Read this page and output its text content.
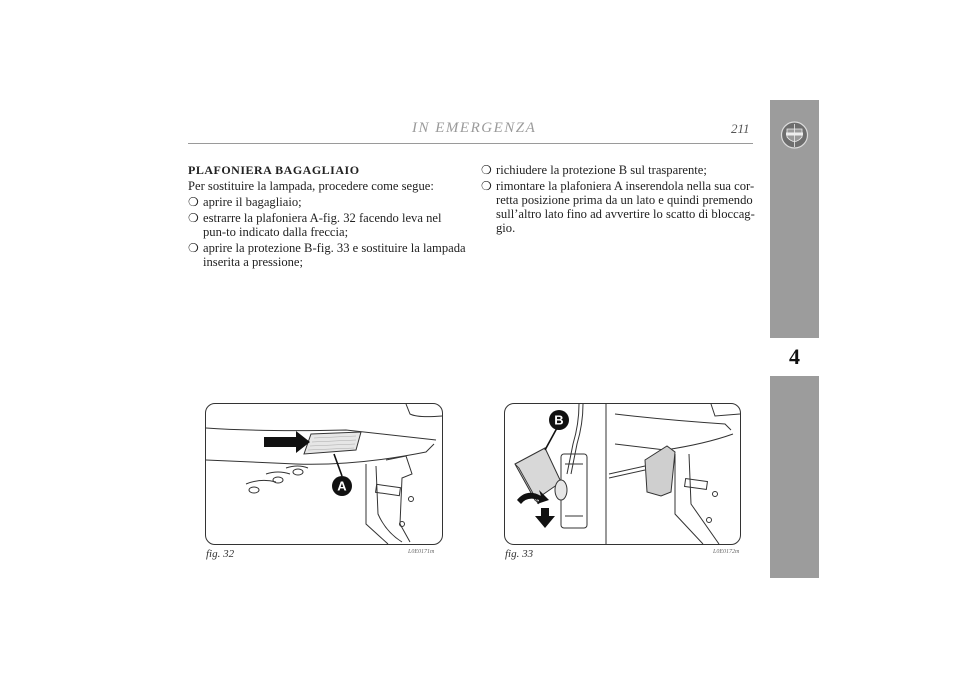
IN EMERGENZA	211
4
PLAFONIERA BAGAGLIAIO
Per sostituire la lampada, procedere come segue:
❍ aprire il bagagliaio;
❍ estrarre la plafoniera A-fig. 32 facendo leva nel pun-to indicato dalla freccia;
❍ aprire la protezione B-fig. 33 e sostituire la lampada inserita a pressione;
❍ richiudere la protezione B sul trasparente;
❍ rimontare la plafoniera A inserendola nella sua cor-retta posizione prima da un lato e quindi premendo sull’altro lato fino ad avvertire lo scatto di bloccag-gio.
A
fig. 32	L0E0171m
B
fig. 33	L0E0172m
